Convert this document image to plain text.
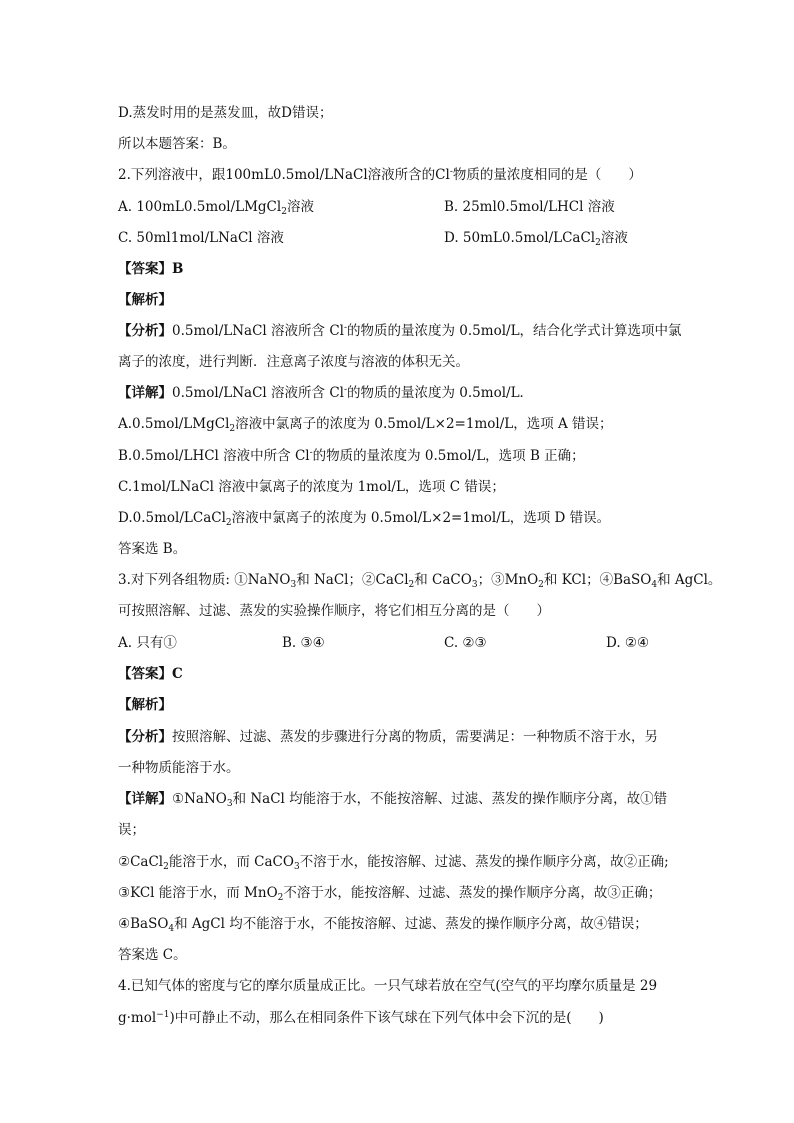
D.蒸发时用的是蒸发皿，故D错误；
所以本题答案：B。
2.下列溶液中，跟100mL0.5mol/LNaCl溶液所含的Cl-物质的量浓度相同的是（　　）
A. 100mL0.5mol/LMgCl$_2$溶液	B. 25ml0.5mol/LHCl 溶液
C. 50ml1mol/LNaCl 溶液	D. 50mL0.5mol/LCaCl$_2$溶液
【答案】B
【解析】
【分析】0.5mol/LNaCl 溶液所含 Cl-的物质的量浓度为 0.5mol/L，结合化学式计算选项中氯
离子的浓度，进行判断．注意离子浓度与溶液的体积无关。
【详解】0.5mol/LNaCl 溶液所含 Cl-的物质的量浓度为 0.5mol/L．
A.0.5mol/LMgCl$_2$溶液中氯离子的浓度为 0.5mol/L×2=1mol/L，选项 A 错误；
B.0.5mol/LHCl 溶液中所含 Cl-的物质的量浓度为 0.5mol/L，选项 B 正确；
C.1mol/LNaCl 溶液中氯离子的浓度为 1mol/L，选项 C 错误；
D.0.5mol/LCaCl$_2$溶液中氯离子的浓度为 0.5mol/L×2=1mol/L，选项 D 错误。
答案选 B。
3.对下列各组物质: ①NaNO$_3$和 NaCl；②CaCl$_2$和 CaCO$_3$；③MnO$_2$和 KCl；④BaSO$_4$和 AgCl。
可按照溶解、过滤、蒸发的实验操作顺序，将它们相互分离的是（　　）
A. 只有①	B. ③④	C. ②③	D. ②④
【答案】C
【解析】
【分析】按照溶解、过滤、蒸发的步骤进行分离的物质，需要满足：一种物质不溶于水，另
一种物质能溶于水。
【详解】①NaNO$_3$和 NaCl 均能溶于水，不能按溶解、过滤、蒸发的操作顺序分离，故①错
误；
②CaCl$_2$能溶于水，而 CaCO$_3$不溶于水，能按溶解、过滤、蒸发的操作顺序分离，故②正确;
③KCl 能溶于水，而 MnO$_2$不溶于水，能按溶解、过滤、蒸发的操作顺序分离，故③正确；
④BaSO$_4$和 AgCl 均不能溶于水，不能按溶解、过滤、蒸发的操作顺序分离，故④错误；
答案选 C。
4.已知气体的密度与它的摩尔质量成正比。一只气球若放在空气(空气的平均摩尔质量是 29
g·mol$^{-1}$)中可静止不动，那么在相同条件下该气球在下列气体中会下沉的是(　　)
